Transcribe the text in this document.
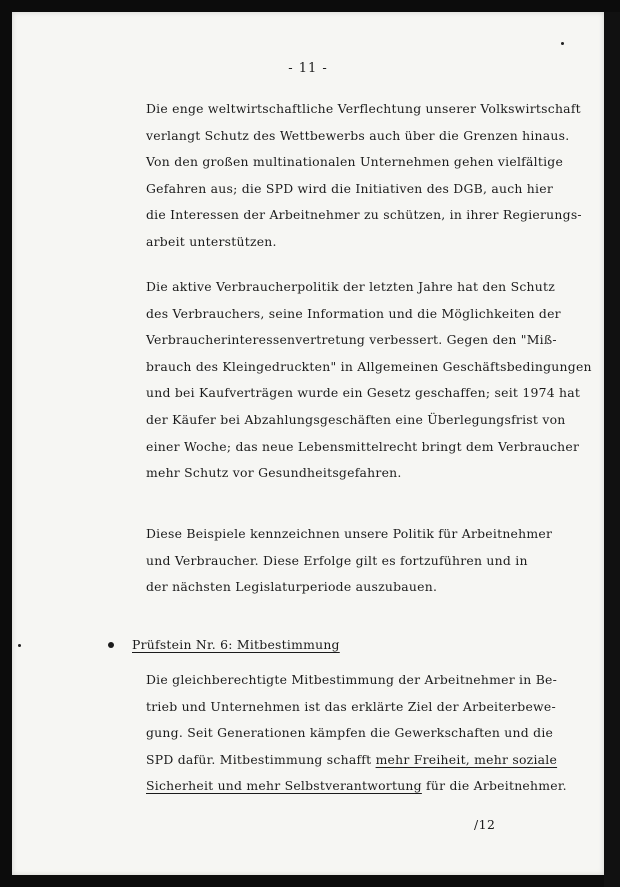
- 11 -
Die enge weltwirtschaftliche Verflechtung unserer Volkswirtschaft
verlangt Schutz des Wettbewerbs auch über die Grenzen hinaus.
Von den großen multinationalen Unternehmen gehen vielfältige
Gefahren aus; die SPD wird die Initiativen des DGB, auch hier
die Interessen der Arbeitnehmer zu schützen, in ihrer Regierungs-
arbeit unterstützen.
Die aktive Verbraucherpolitik der letzten Jahre hat den Schutz
des Verbrauchers, seine Information und die Möglichkeiten der
Verbraucherinteressenvertretung verbessert. Gegen den "Miß-
brauch des Kleingedruckten" in Allgemeinen Geschäftsbedingungen
und bei Kaufverträgen wurde ein Gesetz geschaffen; seit 1974 hat
der Käufer bei Abzahlungsgeschäften eine Überlegungsfrist von
einer Woche; das neue Lebensmittelrecht bringt dem Verbraucher
mehr Schutz vor Gesundheitsgefahren.
Diese Beispiele kennzeichnen unsere Politik für Arbeitnehmer
und Verbraucher. Diese Erfolge gilt es fortzuführen und in
der nächsten Legislaturperiode auszubauen.
Prüfstein Nr. 6: Mitbestimmung
Die gleichberechtigte Mitbestimmung der Arbeitnehmer in Be-
trieb und Unternehmen ist das erklärte Ziel der Arbeiterbewe-
gung. Seit Generationen kämpfen die Gewerkschaften und die
SPD dafür. Mitbestimmung schafft mehr Freiheit, mehr soziale
Sicherheit und mehr Selbstverantwortung für die Arbeitnehmer.
/12
